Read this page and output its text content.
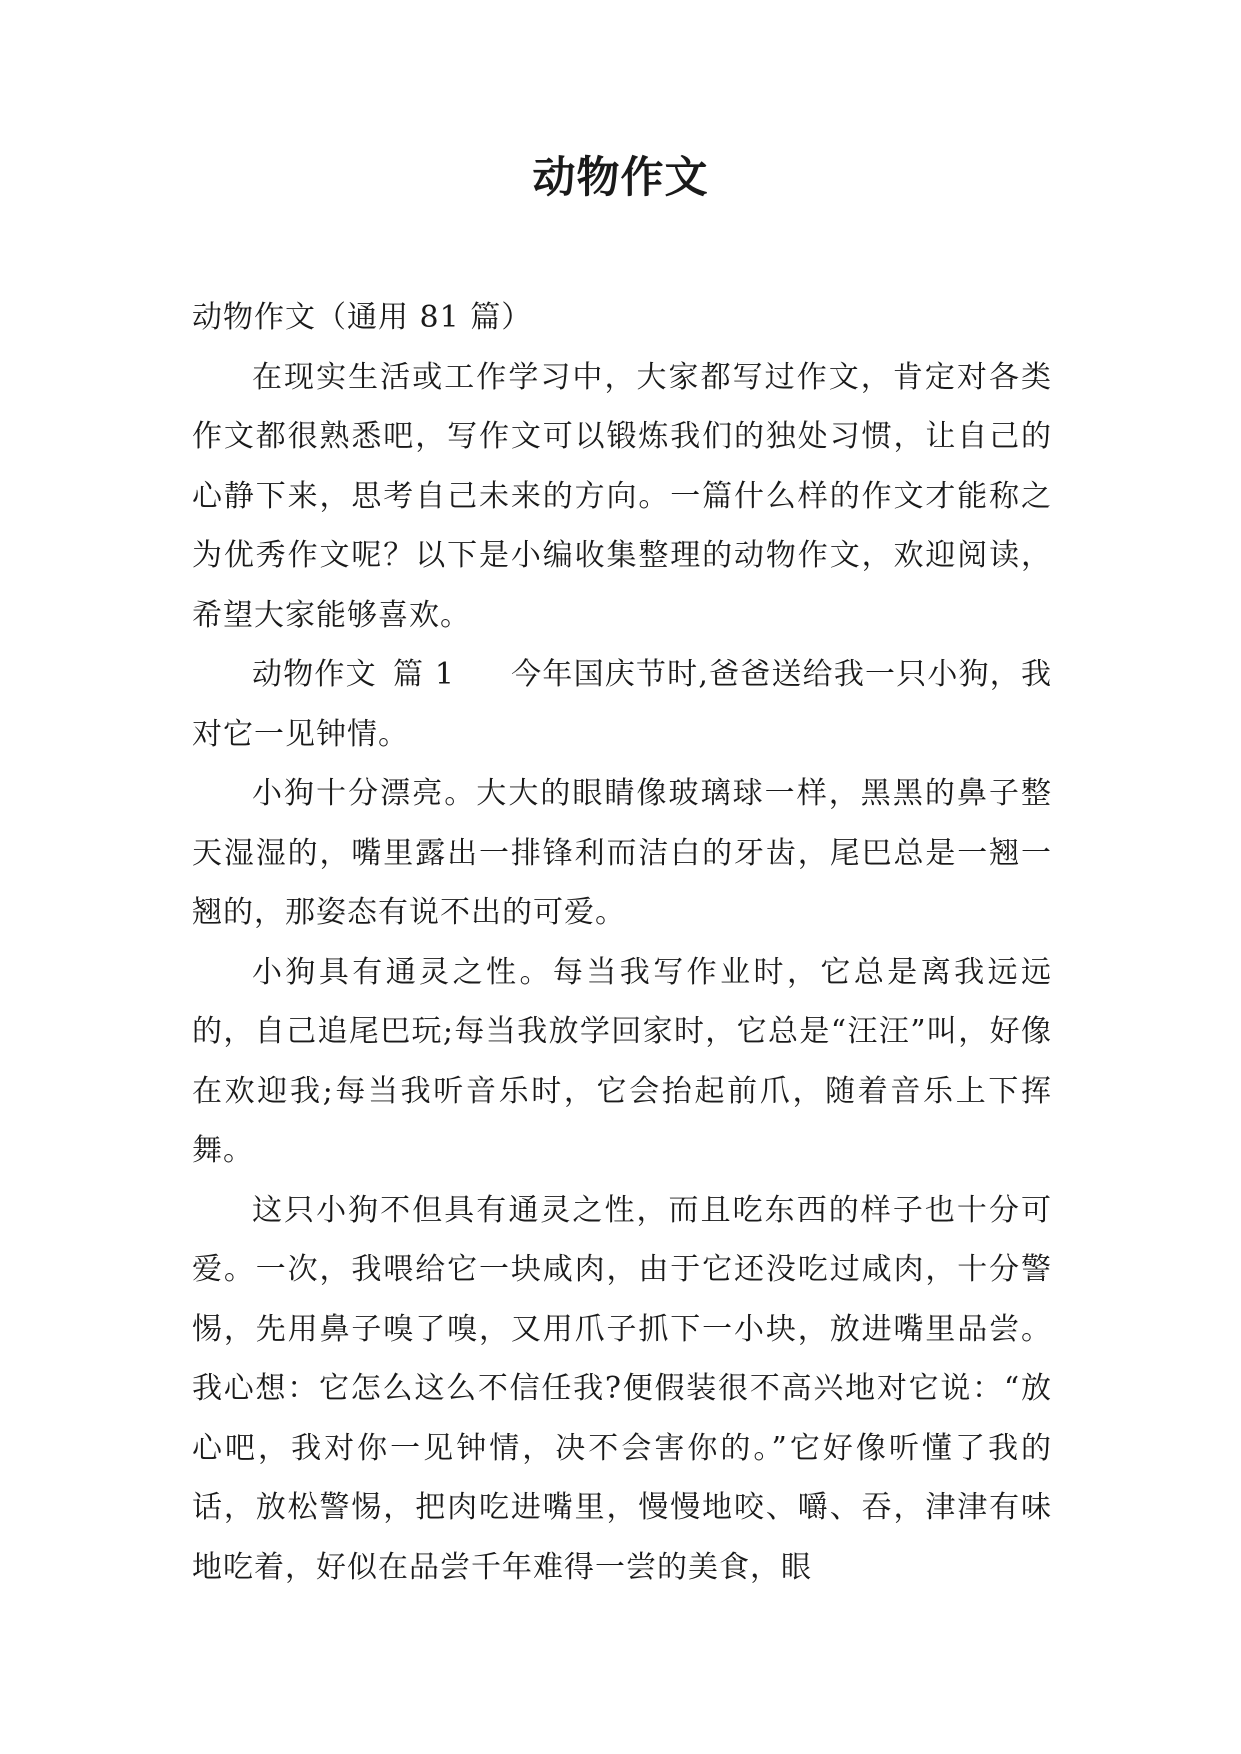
动物作文

动物作文（通用 81 篇）

在现实生活或工作学习中，大家都写过作文，肯定对各类作文都很熟悉吧，写作文可以锻炼我们的独处习惯，让自己的心静下来，思考自己未来的方向。一篇什么样的作文才能称之为优秀作文呢？以下是小编收集整理的动物作文，欢迎阅读，希望大家能够喜欢。

动物作文 篇 1 今年国庆节时,爸爸送给我一只小狗，我对它一见钟情。

小狗十分漂亮。大大的眼睛像玻璃球一样，黑黑的鼻子整天湿湿的，嘴里露出一排锋利而洁白的牙齿，尾巴总是一翘一翘的，那姿态有说不出的可爱。

小狗具有通灵之性。每当我写作业时，它总是离我远远的，自己追尾巴玩;每当我放学回家时，它总是“汪汪”叫，好像在欢迎我;每当我听音乐时，它会抬起前爪，随着音乐上下挥舞。

这只小狗不但具有通灵之性，而且吃东西的样子也十分可爱。一次，我喂给它一块咸肉，由于它还没吃过咸肉，十分警惕，先用鼻子嗅了嗅，又用爪子抓下一小块，放进嘴里品尝。我心想：它怎么这么不信任我?便假装很不高兴地对它说：“放心吧，我对你一见钟情，决不会害你的。”它好像听懂了我的话，放松警惕，把肉吃进嘴里，慢慢地咬、嚼、吞，津津有味地吃着，好似在品尝千年难得一尝的美食，眼
